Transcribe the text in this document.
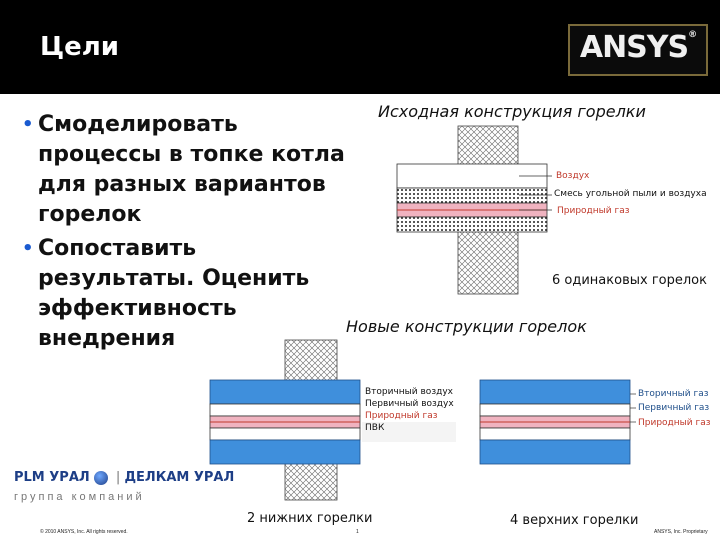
Цели	ANSYS®
• Смоделировать процессы в топке котла для разных вариантов горелок
• Сопоставить результаты. Оценить эффективность внедрения
Исходная конструкция горелки
Воздух
Смесь угольной пыли и воздуха
Природный газ
6 одинаковых горелок
Новые конструкции горелок
Вторичный воздух
Первичный воздух
Природный газ
ПВК
2 нижних горелки
Вторичный газ
Первичный газ
Природный газ
4 верхних горелки
PLM УРАЛ | ДЕЛКАМ УРАЛ
группа компаний
© 2010 ANSYS, Inc. All rights reserved.	1	ANSYS, Inc. Proprietary
